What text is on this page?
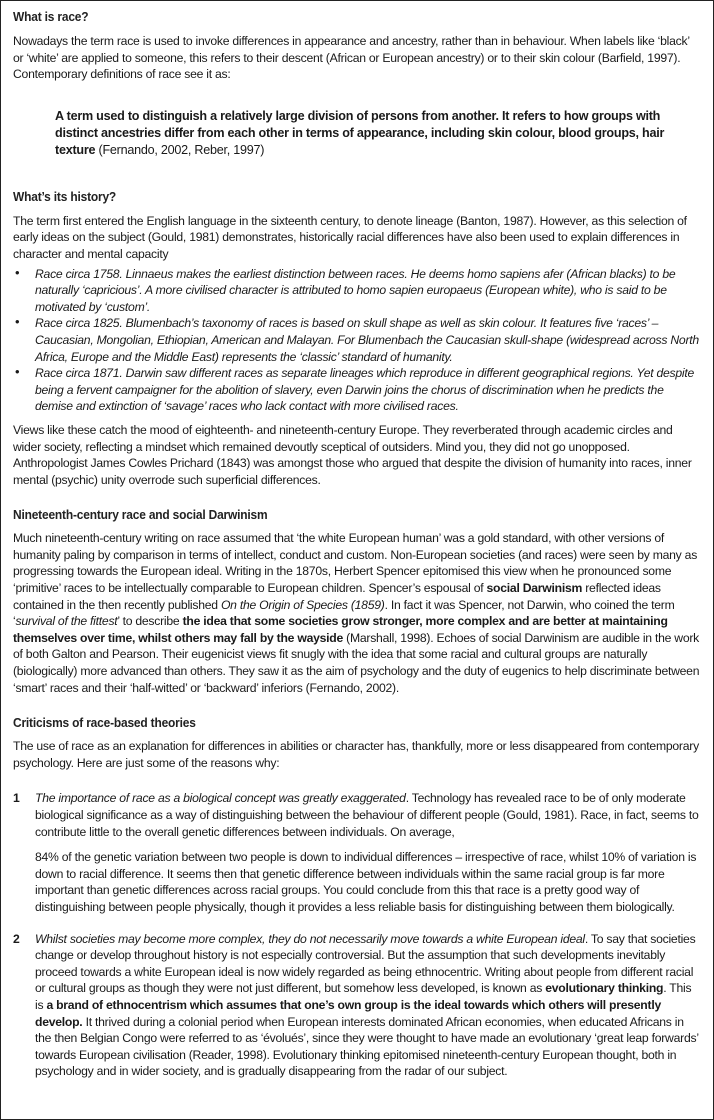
What is race?

Nowadays the term race is used to invoke differences in appearance and ancestry, rather than in behaviour. When labels like ‘black’ or ‘white’ are applied to someone, this refers to their descent (African or European ancestry) or to their skin colour (Barfield, 1997). Contemporary definitions of race see it as:

A term used to distinguish a relatively large division of persons from another. It refers to how groups with distinct ancestries differ from each other in terms of appearance, including skin colour, blood groups, hair texture (Fernando, 2002, Reber, 1997)

What’s its history?

The term first entered the English language in the sixteenth century, to denote lineage (Banton, 1987). However, as this selection of early ideas on the subject (Gould, 1981) demonstrates, historically racial differences have also been used to explain differences in character and mental capacity

• Race circa 1758. Linnaeus makes the earliest distinction between races. He deems homo sapiens afer (African blacks) to be naturally ‘capricious’. A more civilised character is attributed to homo sapien europaeus (European white), who is said to be motivated by ‘custom’.
• Race circa 1825. Blumenbach’s taxonomy of races is based on skull shape as well as skin colour. It features five ‘races’ – Caucasian, Mongolian, Ethiopian, American and Malayan. For Blumenbach the Caucasian skull-shape (widespread across North Africa, Europe and the Middle East) represents the ‘classic’ standard of humanity.
• Race circa 1871. Darwin saw different races as separate lineages which reproduce in different geographical regions. Yet despite being a fervent campaigner for the abolition of slavery, even Darwin joins the chorus of discrimination when he predicts the demise and extinction of ‘savage’ races who lack contact with more civilised races.

Views like these catch the mood of eighteenth- and nineteenth-century Europe. They reverberated through academic circles and wider society, reflecting a mindset which remained devoutly sceptical of outsiders. Mind you, they did not go unopposed. Anthropologist James Cowles Prichard (1843) was amongst those who argued that despite the division of humanity into races, inner mental (psychic) unity overrode such superficial differences.

Nineteenth-century race and social Darwinism

Much nineteenth-century writing on race assumed that ‘the white European human’ was a gold standard, with other versions of humanity paling by comparison in terms of intellect, conduct and custom. Non-European societies (and races) were seen by many as progressing towards the European ideal. Writing in the 1870s, Herbert Spencer epitomised this view when he pronounced some ‘primitive’ races to be intellectually comparable to European children. Spencer’s espousal of social Darwinism reflected ideas contained in the then recently published On the Origin of Species (1859). In fact it was Spencer, not Darwin, who coined the term ‘survival of the fittest’ to describe the idea that some societies grow stronger, more complex and are better at maintaining themselves over time, whilst others may fall by the wayside (Marshall, 1998). Echoes of social Darwinism are audible in the work of both Galton and Pearson. Their eugenicist views fit snugly with the idea that some racial and cultural groups are naturally (biologically) more advanced than others. They saw it as the aim of psychology and the duty of eugenics to help discriminate between ‘smart’ races and their ‘half-witted’ or ‘backward’ inferiors (Fernando, 2002).

Criticisms of race-based theories

The use of race as an explanation for differences in abilities or character has, thankfully, more or less disappeared from contemporary psychology. Here are just some of the reasons why:

1 The importance of race as a biological concept was greatly exaggerated. Technology has revealed race to be of only moderate biological significance as a way of distinguishing between the behaviour of different people (Gould, 1981). Race, in fact, seems to contribute little to the overall genetic differences between individuals. On average,

84% of the genetic variation between two people is down to individual differences – irrespective of race, whilst 10% of variation is down to racial difference. It seems then that genetic difference between individuals within the same racial group is far more important than genetic differences across racial groups. You could conclude from this that race is a pretty good way of distinguishing between people physically, though it provides a less reliable basis for distinguishing between them biologically.

2 Whilst societies may become more complex, they do not necessarily move towards a white European ideal. To say that societies change or develop throughout history is not especially controversial. But the assumption that such developments inevitably proceed towards a white European ideal is now widely regarded as being ethnocentric. Writing about people from different racial or cultural groups as though they were not just different, but somehow less developed, is known as evolutionary thinking. This is a brand of ethnocentrism which assumes that one’s own group is the ideal towards which others will presently develop. It thrived during a colonial period when European interests dominated African economies, when educated Africans in the then Belgian Congo were referred to as ‘évolués’, since they were thought to have made an evolutionary ‘great leap forwards’ towards European civilisation (Reader, 1998). Evolutionary thinking epitomised nineteenth-century European thought, both in psychology and in wider society, and is gradually disappearing from the radar of our subject.
